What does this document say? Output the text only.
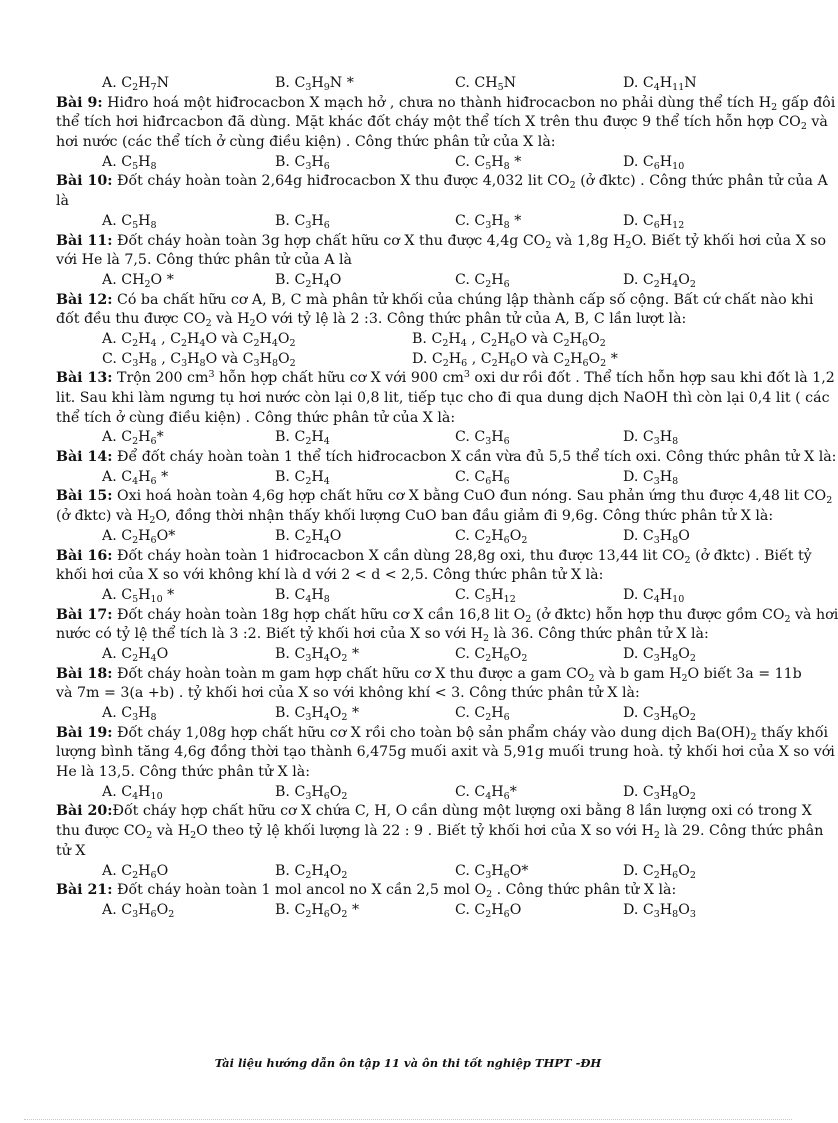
A. $C_2H_7N$	B. $C_3H_9N$ *	C. $CH_5N$	D. $C_4H_{11}N$
Bài 9: Hiđro hoá một hiđrocacbon X mạch hở , chưa no thành hiđrocacbon no phải dùng thể tích $H_2$ gấp đôi
thể tích hơi hiđrcacbon đã dùng. Mặt khác đốt cháy một thể tích X trên thu được 9 thể tích hỗn hợp $CO_2$ và
hơi nước (các thể tích ở cùng điều kiện) . Công thức phân tử của X là:
A. $C_5H_8$	B. $C_3H_6$	C. $C_5H_8$ *	D. $C_6H_{10}$
Bài 10: Đốt cháy hoàn toàn 2,64g hiđrocacbon X thu được 4,032 lit $CO_2$ (ở đktc) . Công thức phân tử của A
là
A. $C_5H_8$	B. $C_3H_6$	C. $C_3H_8$ *	D. $C_6H_{12}$
Bài 11: Đốt cháy hoàn toàn 3g hợp chất hữu cơ X thu được 4,4g $CO_2$ và 1,8g $H_2O$. Biết tỷ khối hơi của X so
với He là 7,5. Công thức phân tử của A là
A. $CH_2O$ *	B. $C_2H_4O$	C. $C_2H_6$	D. $C_2H_4O_2$
Bài 12: Có ba chất hữu cơ A, B, C mà phân tử khối của chúng lập thành cấp số cộng. Bất cứ chất nào khi
đốt đều thu được $CO_2$ và $H_2O$ với tỷ lệ là 2 :3. Công thức phân tử của A, B, C lần lượt là:
A. $C_2H_4$ , $C_2H_4O$ và $C_2H_4O_2$	B. $C_2H_4$ , $C_2H_6O$ và $C_2H_6O_2$
C. $C_3H_8$ , $C_3H_8O$ và $C_3H_8O_2$	D. $C_2H_6$ , $C_2H_6O$ và $C_2H_6O_2$ *
Bài 13: Trộn 200 $cm^3$ hỗn hợp chất hữu cơ X với 900 $cm^3$ oxi dư rồi đốt . Thể tích hỗn hợp sau khi đốt là 1,2
lit. Sau khi làm ngưng tụ hơi nước còn lại 0,8 lit, tiếp tục cho đi qua dung dịch NaOH thì còn lại 0,4 lit ( các
thể tích ở cùng điều kiện) . Công thức phân tử của X là:
A. $C_2H_6*$	B. $C_2H_4$	C. $C_3H_6$	D. $C_3H_8$
Bài 14: Để đốt cháy hoàn toàn 1 thể tích hiđrocacbon X cần vừa đủ 5,5 thể tích oxi. Công thức phân tử X là:
A. $C_4H_6$ *	B. $C_2H_4$	C. $C_6H_6$	D. $C_3H_8$
Bài 15: Oxi hoá hoàn toàn 4,6g hợp chất hữu cơ X bằng CuO đun nóng. Sau phản ứng thu được 4,48 lit $CO_2$
(ở đktc) và $H_2O$, đồng thời nhận thấy khối lượng CuO ban đầu giảm đi 9,6g. Công thức phân tử X là:
A. $C_2H_6O*$	B. $C_2H_4O$	C. $C_2H_6O_2$	D. $C_3H_8O$
Bài 16: Đốt cháy hoàn toàn 1 hiđrocacbon X cần dùng 28,8g oxi, thu được 13,44 lit $CO_2$ (ở đktc) . Biết tỷ
khối hơi của X so với không khí là d với 2 < d < 2,5. Công thức phân tử X là:
A. $C_5H_{10}$ *	B. $C_4H_8$	C. $C_5H_{12}$	D. $C_4H_{10}$
Bài 17: Đốt cháy hoàn toàn 18g hợp chất hữu cơ X cần 16,8 lit $O_2$ (ở đktc) hỗn hợp thu được gồm $CO_2$ và hơi
nước có tỷ lệ thể tích là 3 :2. Biết tỷ khối hơi của X so với $H_2$ là 36. Công thức phân tử X là:
A. $C_2H_4O$	B. $C_3H_4O_2$ *	C. $C_2H_6O_2$	D. $C_3H_8O_2$
Bài 18: Đốt cháy hoàn toàn m gam hợp chất hữu cơ X thu được a gam $CO_2$ và b gam $H_2O$ biết 3a = 11b
và 7m = 3(a +b) . tỷ khối hơi của X so với không khí < 3. Công thức phân tử X là:
A. $C_3H_8$	B. $C_3H_4O_2$ *	C. $C_2H_6$	D. $C_3H_6O_2$
Bài 19: Đốt cháy 1,08g hợp chất hữu cơ X rồi cho toàn bộ sản phẩm cháy vào dung dịch $Ba(OH)_2$ thấy khối
lượng bình tăng 4,6g đồng thời tạo thành 6,475g muối axit và 5,91g muối trung hoà. tỷ khối hơi của X so với
He là 13,5. Công thức phân tử X là:
A. $C_4H_{10}$	B. $C_3H_6O_2$	C. $C_4H_6*$	D. $C_3H_8O_2$
Bài 20:Đốt cháy hợp chất hữu cơ X chứa C, H, O cần dùng một lượng oxi bằng 8 lần lượng oxi có trong X
thu được $CO_2$ và $H_2O$ theo tỷ lệ khối lượng là 22 : 9 . Biết tỷ khối hơi của X so với $H_2$ là 29. Công thức phân
tử X
A. $C_2H_6O$	B. $C_2H_4O_2$	C. $C_3H_6O*$	D. $C_2H_6O_2$
Bài 21: Đốt cháy hoàn toàn 1 mol ancol no X cần 2,5 mol $O_2$ . Công thức phân tử X là:
A. $C_3H_6O_2$	B. $C_2H_6O_2$ *	C. $C_2H_6O$	D. $C_3H_8O_3$
Tài liệu hướng dẫn ôn tập 11 và ôn thi tốt nghiệp THPT -ĐH
